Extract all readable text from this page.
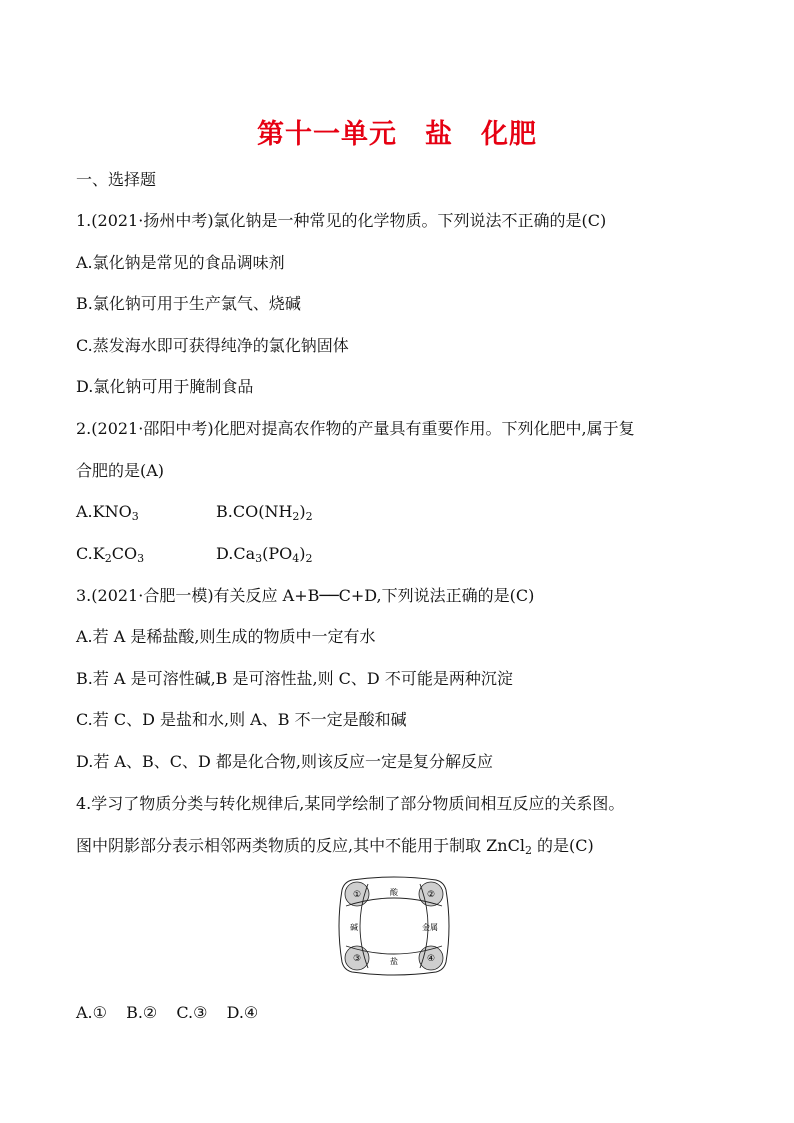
第十一单元　盐　化肥
一、选择题
1.(2021·扬州中考)氯化钠是一种常见的化学物质。下列说法不正确的是(C)
A.氯化钠是常见的食品调味剂
B.氯化钠可用于生产氯气、烧碱
C.蒸发海水即可获得纯净的氯化钠固体
D.氯化钠可用于腌制食品
2.(2021·邵阳中考)化肥对提高农作物的产量具有重要作用。下列化肥中,属于复
合肥的是(A)
$A.KNO_3$	$B.CO(NH_2)_2$
$C.K_2CO_3$	$D.Ca_3(PO_4)_2$
3.(2021·合肥一模)有关反应 A+B──C+D,下列说法正确的是(C)
A.若 A 是稀盐酸,则生成的物质中一定有水
B.若 A 是可溶性碱,B 是可溶性盐,则 C、D 不可能是两种沉淀
C.若 C、D 是盐和水,则 A、B 不一定是酸和碱
D.若 A、B、C、D 都是化合物,则该反应一定是复分解反应
4.学习了物质分类与转化规律后,某同学绘制了部分物质间相互反应的关系图。
图中阴影部分表示相邻两类物质的反应,其中不能用于制取 ZnCl$_2$ 的是(C)
酸
碱	金属
盐
①	②
③	④
A.① B.② C.③ D.④
